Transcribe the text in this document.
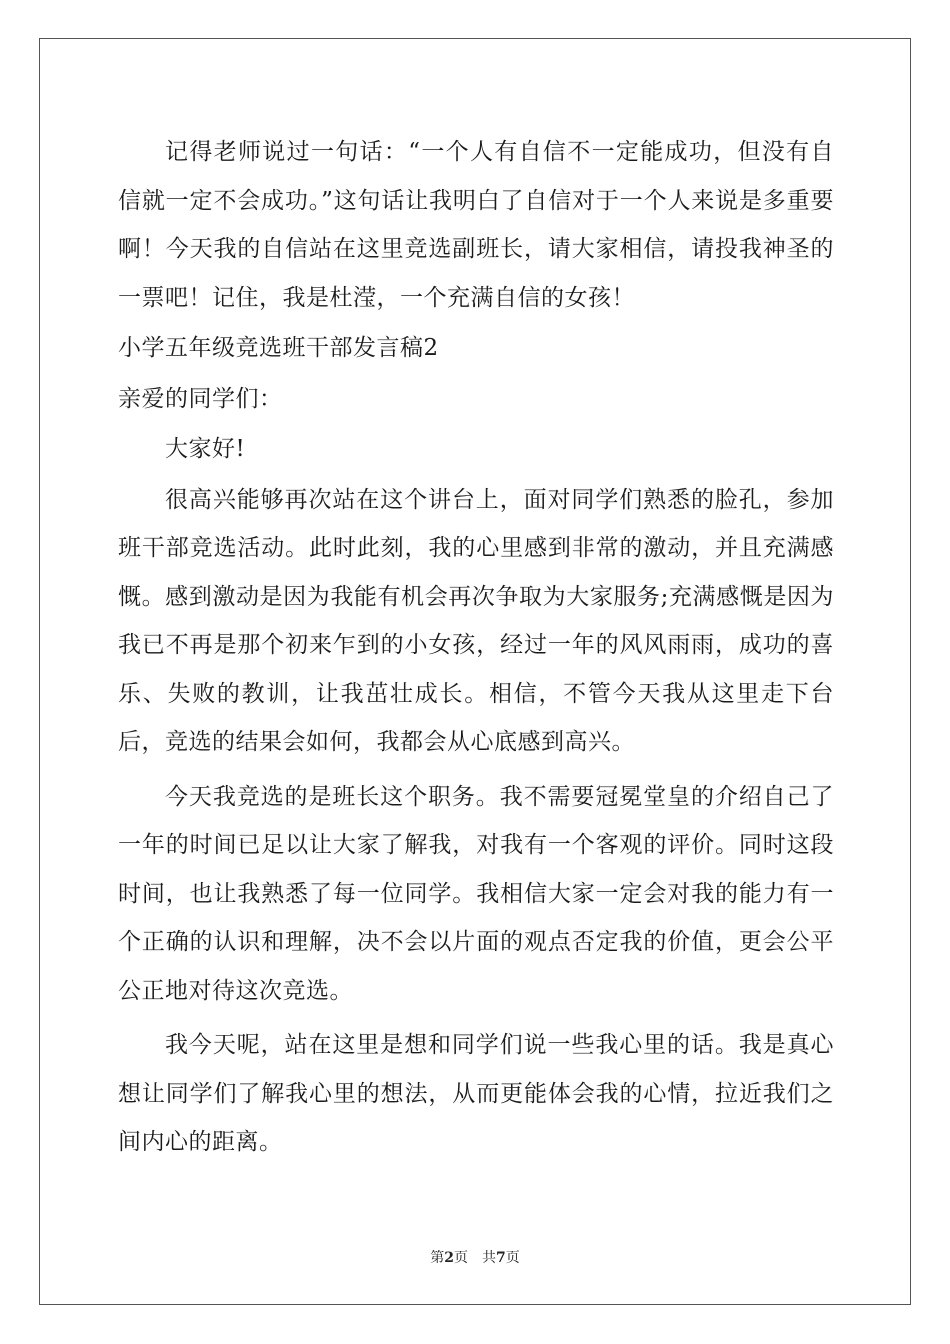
记得老师说过一句话：“一个人有自信不一定能成功，但没有自信就一定不会成功。”这句话让我明白了自信对于一个人来说是多重要啊！今天我的自信站在这里竞选副班长，请大家相信，请投我神圣的一票吧！记住，我是杜滢，一个充满自信的女孩！

小学五年级竞选班干部发言稿2

亲爱的同学们：

大家好!

很高兴能够再次站在这个讲台上，面对同学们熟悉的脸孔，参加班干部竞选活动。此时此刻，我的心里感到非常的激动，并且充满感慨。感到激动是因为我能有机会再次争取为大家服务;充满感慨是因为我已不再是那个初来乍到的小女孩，经过一年的风风雨雨，成功的喜乐、失败的教训，让我茁壮成长。相信，不管今天我从这里走下台后，竞选的结果会如何，我都会从心底感到高兴。

今天我竞选的是班长这个职务。我不需要冠冕堂皇的介绍自己了一年的时间已足以让大家了解我，对我有一个客观的评价。同时这段时间，也让我熟悉了每一位同学。我相信大家一定会对我的能力有一个正确的认识和理解，决不会以片面的观点否定我的价值，更会公平公正地对待这次竞选。

我今天呢，站在这里是想和同学们说一些我心里的话。我是真心想让同学们了解我心里的想法，从而更能体会我的心情，拉近我们之间内心的距离。

第2页 共7页
